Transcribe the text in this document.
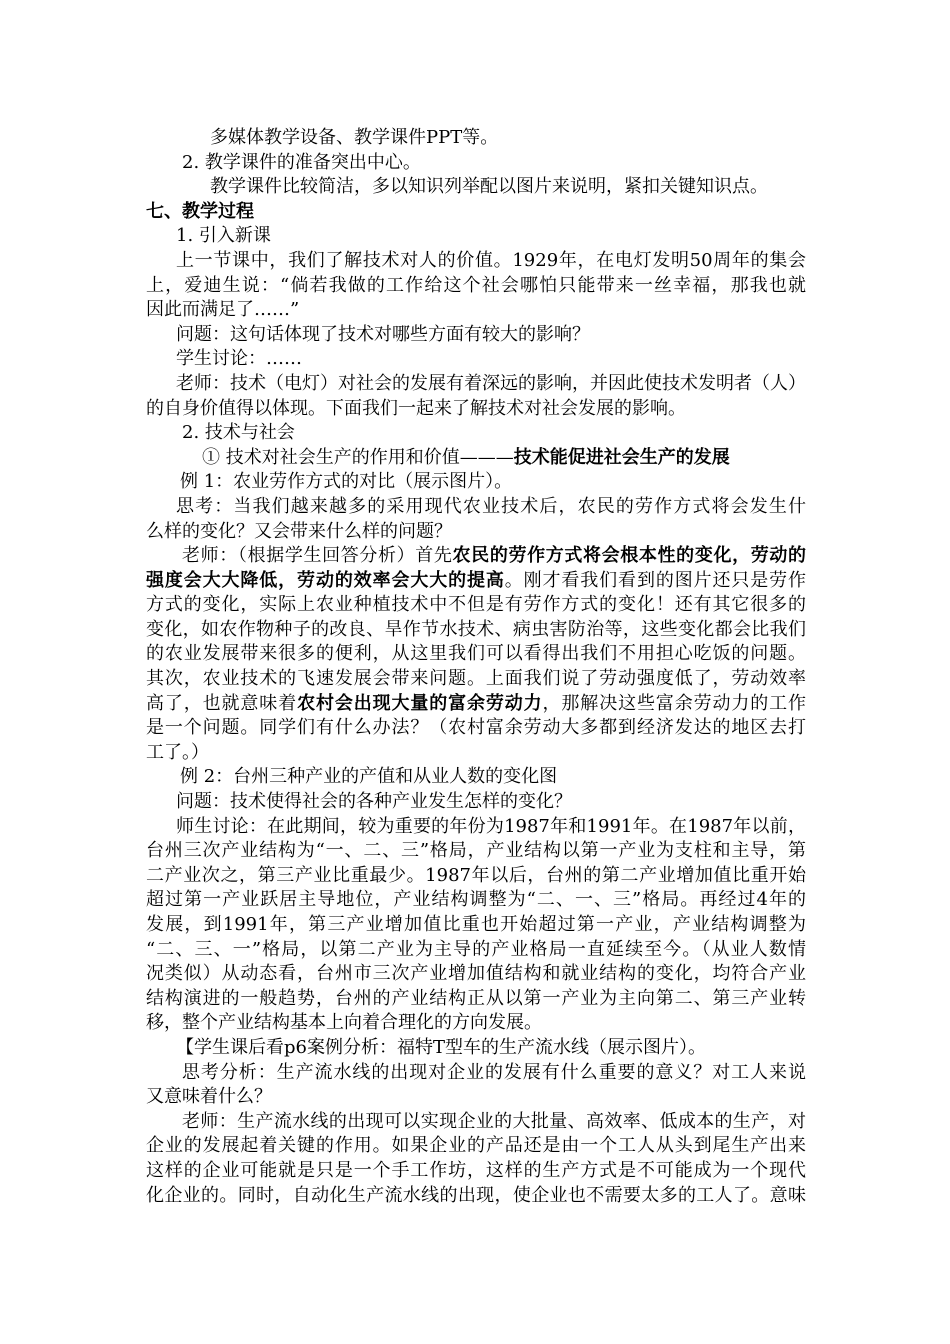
多媒体教学设备、教学课件PPT等。
2. 教学课件的准备突出中心。
教学课件比较简洁，多以知识列举配以图片来说明，紧扣关键知识点。
七、教学过程
1. 引入新课
上一节课中，我们了解技术对人的价值。1929年，在电灯发明50周年的集会
上，爱迪生说：“倘若我做的工作给这个社会哪怕只能带来一丝幸福，那我也就
因此而满足了……”
问题：这句话体现了技术对哪些方面有较大的影响？
学生讨论：……
老师：技术（电灯）对社会的发展有着深远的影响，并因此使技术发明者（人）
的自身价值得以体现。下面我们一起来了解技术对社会发展的影响。
2. 技术与社会
① 技术对社会生产的作用和价值———技术能促进社会生产的发展
例 1：农业劳作方式的对比（展示图片）。
思考：当我们越来越多的采用现代农业技术后，农民的劳作方式将会发生什
么样的变化？又会带来什么样的问题？
老师：（根据学生回答分析）首先农民的劳作方式将会根本性的变化，劳动的
强度会大大降低，劳动的效率会大大的提高。刚才看我们看到的图片还只是劳作
方式的变化，实际上农业种植技术中不但是有劳作方式的变化！还有其它很多的
变化，如农作物种子的改良、旱作节水技术、病虫害防治等，这些变化都会比我们
的农业发展带来很多的便利，从这里我们可以看得出我们不用担心吃饭的问题。
其次，农业技术的飞速发展会带来问题。上面我们说了劳动强度低了，劳动效率
高了，也就意味着农村会出现大量的富余劳动力，那解决这些富余劳动力的工作
是一个问题。同学们有什么办法？（农村富余劳动大多都到经济发达的地区去打
工了。）
例 2：台州三种产业的产值和从业人数的变化图
问题：技术使得社会的各种产业发生怎样的变化？
师生讨论：在此期间，较为重要的年份为1987年和1991年。在1987年以前，
台州三次产业结构为“一、二、三”格局，产业结构以第一产业为支柱和主导，第
二产业次之，第三产业比重最少。1987年以后，台州的第二产业增加值比重开始
超过第一产业跃居主导地位，产业结构调整为“二、一、三”格局。再经过4年的
发展，到1991年，第三产业增加值比重也开始超过第一产业，产业结构调整为
“二、三、一”格局，以第二产业为主导的产业格局一直延续至今。（从业人数情
况类似）从动态看，台州市三次产业增加值结构和就业结构的变化，均符合产业
结构演进的一般趋势，台州的产业结构正从以第一产业为主向第二、第三产业转
移，整个产业结构基本上向着合理化的方向发展。
【学生课后看p6案例分析：福特T型车的生产流水线（展示图片）。
思考分析：生产流水线的出现对企业的发展有什么重要的意义？对工人来说
又意味着什么？
老师：生产流水线的出现可以实现企业的大批量、高效率、低成本的生产，对
企业的发展起着关键的作用。如果企业的产品还是由一个工人从头到尾生产出来
这样的企业可能就是只是一个手工作坊，这样的生产方式是不可能成为一个现代
化企业的。同时，自动化生产流水线的出现，使企业也不需要太多的工人了。意味
